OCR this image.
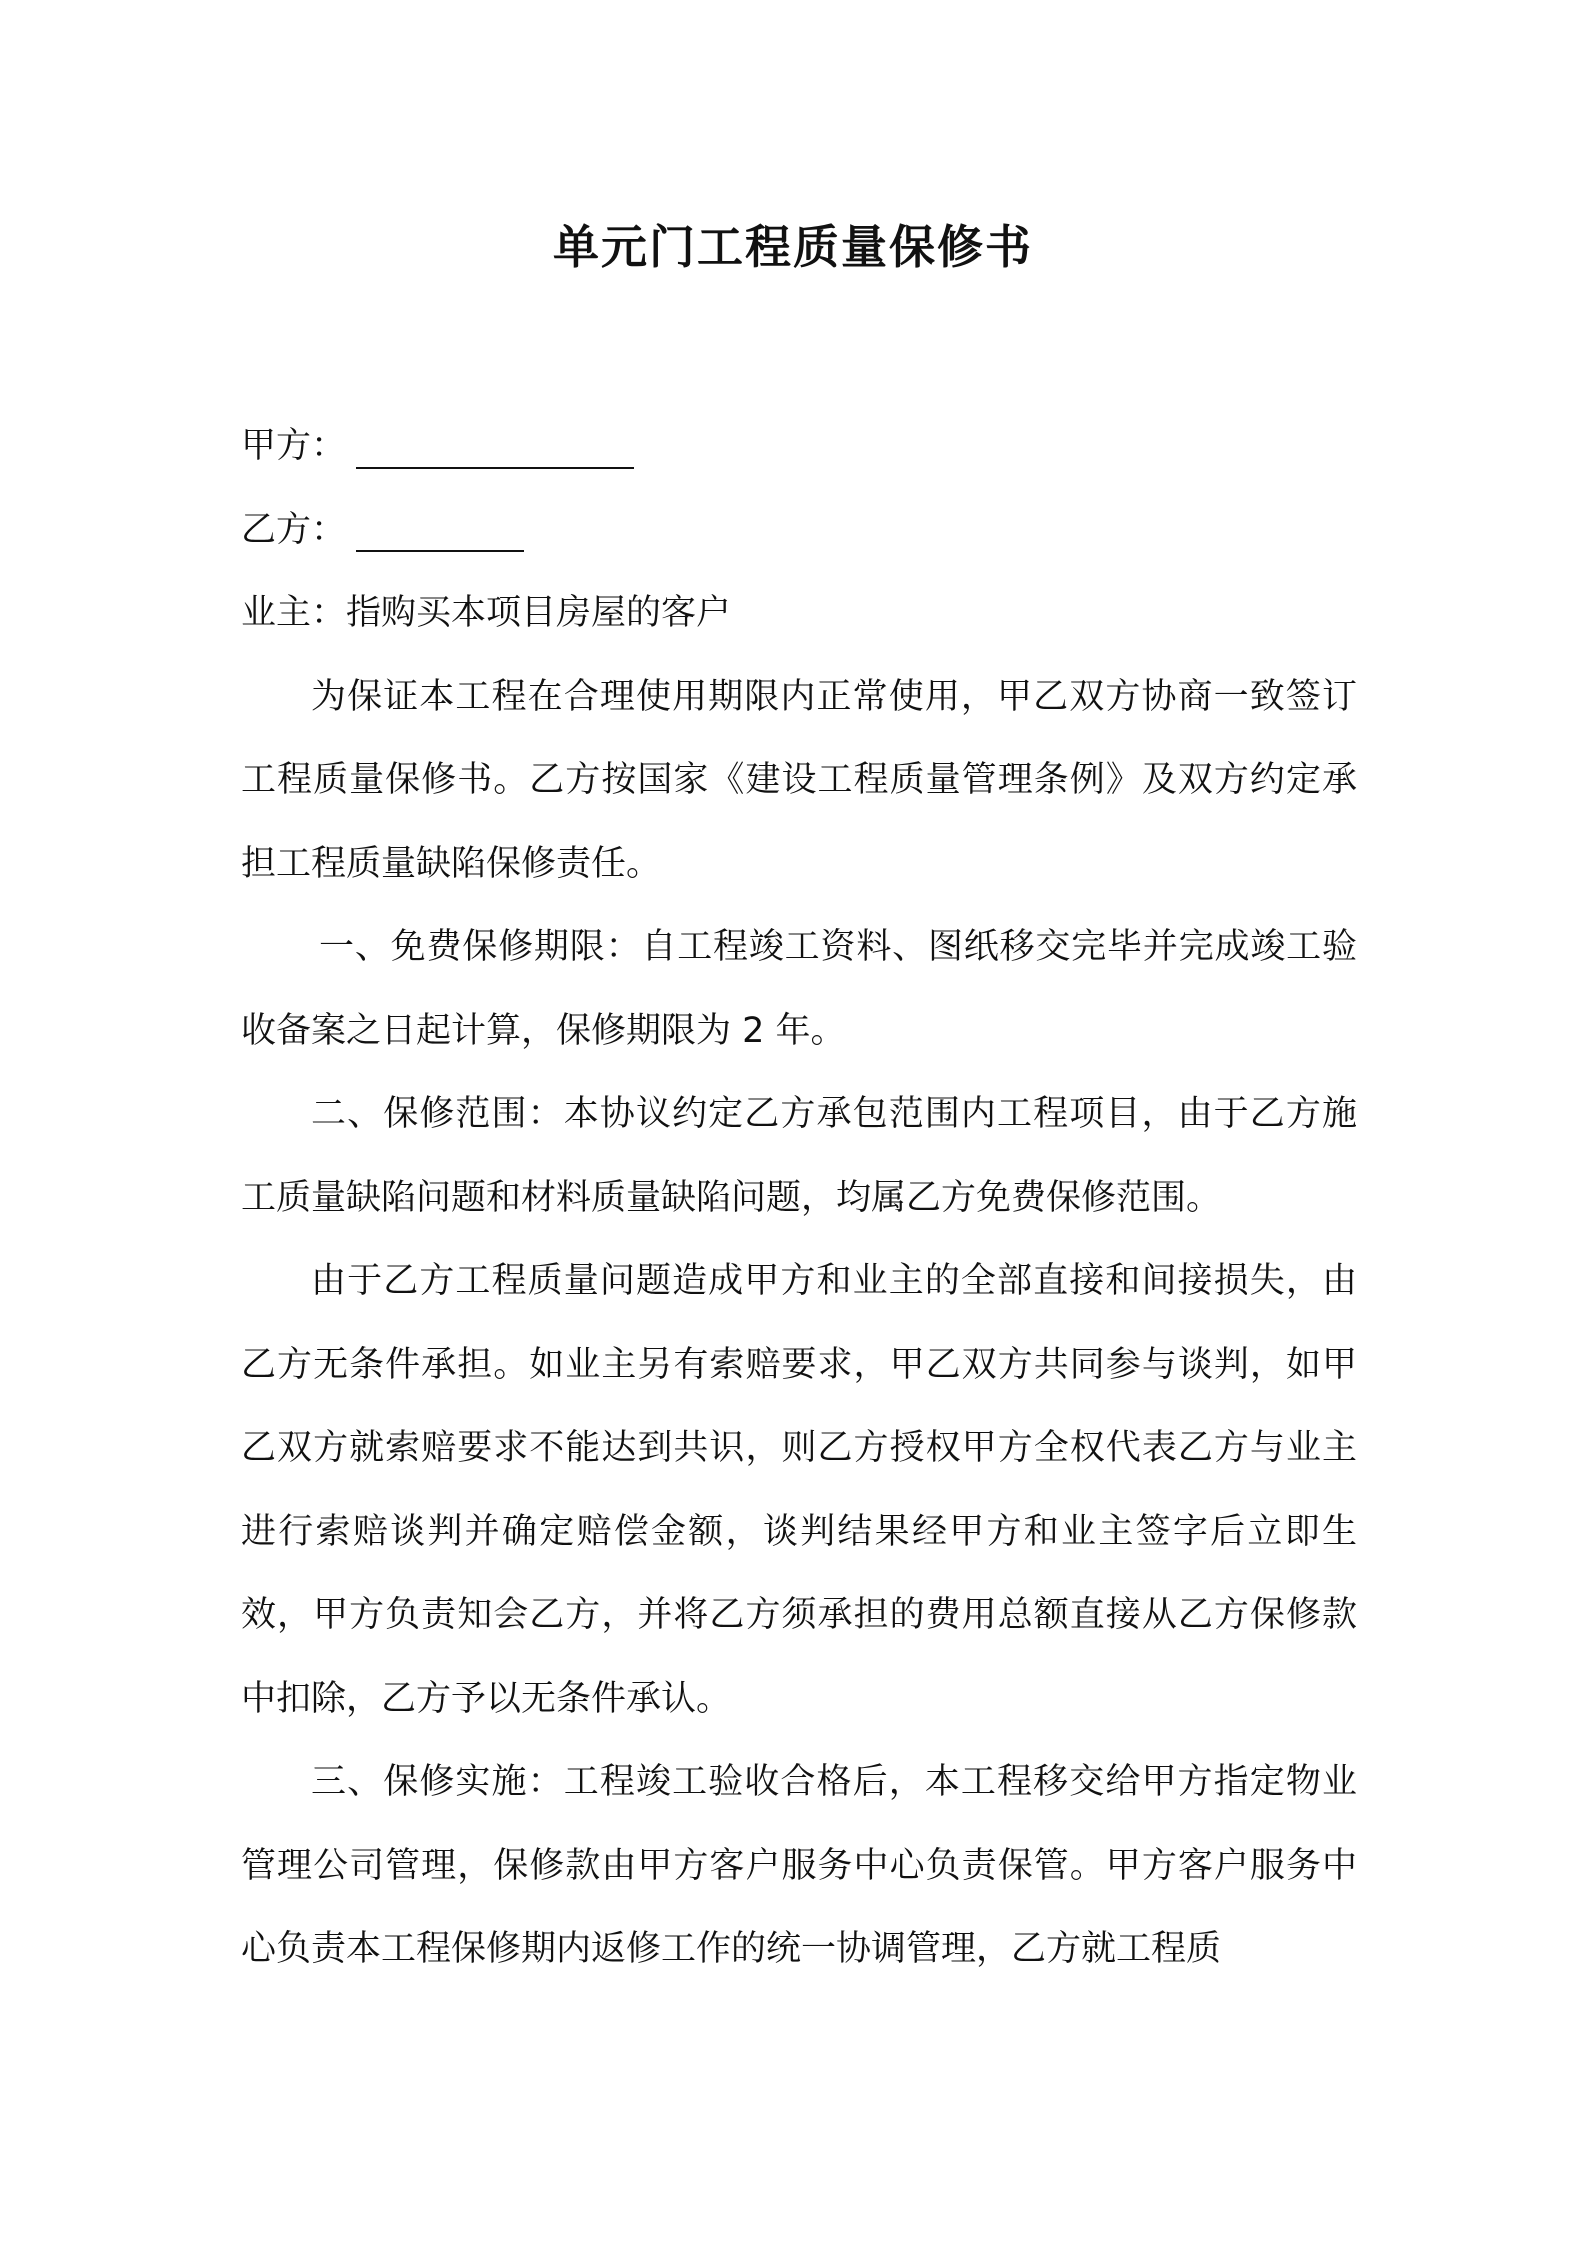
单元门工程质量保修书
甲方：
乙方：
业主：指购买本项目房屋的客户

为保证本工程在合理使用期限内正常使用，甲乙双方协商一致签订工程质量保修书。乙方按国家《建设工程质量管理条例》及双方约定承担工程质量缺陷保修责任。

一、免费保修期限：自工程竣工资料、图纸移交完毕并完成竣工验收备案之日起计算，保修期限为 2 年。

二、保修范围：本协议约定乙方承包范围内工程项目，由于乙方施工质量缺陷问题和材料质量缺陷问题，均属乙方免费保修范围。

由于乙方工程质量问题造成甲方和业主的全部直接和间接损失，由乙方无条件承担。如业主另有索赔要求，甲乙双方共同参与谈判，如甲乙双方就索赔要求不能达到共识，则乙方授权甲方全权代表乙方与业主进行索赔谈判并确定赔偿金额，谈判结果经甲方和业主签字后立即生效，甲方负责知会乙方，并将乙方须承担的费用总额直接从乙方保修款中扣除，乙方予以无条件承认。

三、保修实施：工程竣工验收合格后，本工程移交给甲方指定物业管理公司管理，保修款由甲方客户服务中心负责保管。甲方客户服务中心负责本工程保修期内返修工作的统一协调管理，乙方就工程质
